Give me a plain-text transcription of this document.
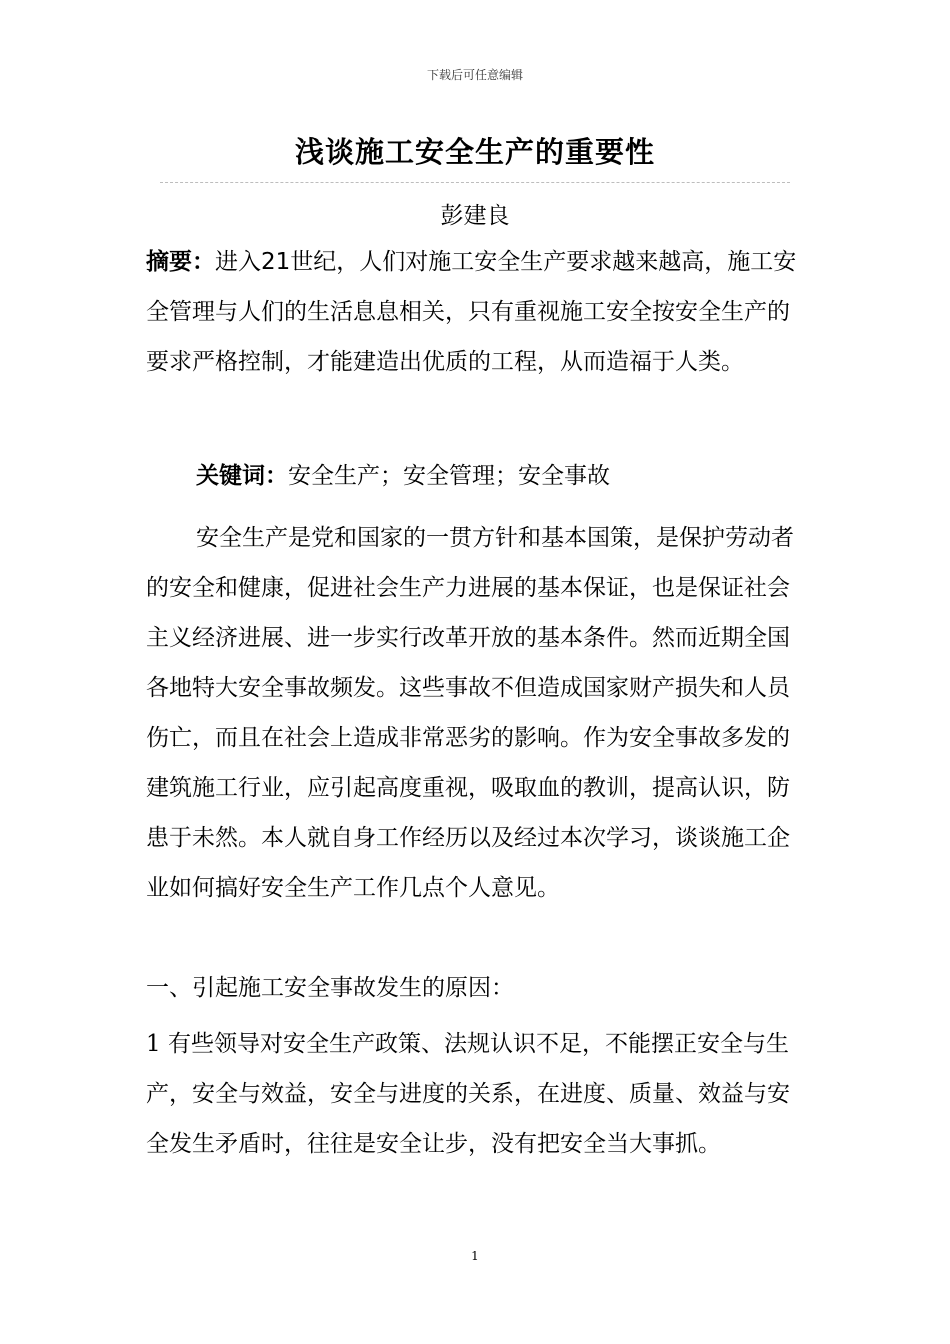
下载后可任意编辑
浅谈施工安全生产的重要性
彭建良
摘要：进入21世纪，人们对施工安全生产要求越来越高，施工安全管理与人们的生活息息相关，只有重视施工安全按安全生产的要求严格控制，才能建造出优质的工程，从而造福于人类。
关键词：安全生产；安全管理；安全事故
安全生产是党和国家的一贯方针和基本国策，是保护劳动者的安全和健康，促进社会生产力进展的基本保证，也是保证社会主义经济进展、进一步实行改革开放的基本条件。然而近期全国各地特大安全事故频发。这些事故不但造成国家财产损失和人员伤亡，而且在社会上造成非常恶劣的影响。作为安全事故多发的建筑施工行业，应引起高度重视，吸取血的教训，提高认识，防患于未然。本人就自身工作经历以及经过本次学习，谈谈施工企业如何搞好安全生产工作几点个人意见。
一、引起施工安全事故发生的原因：
1 有些领导对安全生产政策、法规认识不足，不能摆正安全与生产，安全与效益，安全与进度的关系，在进度、质量、效益与安全发生矛盾时，往往是安全让步，没有把安全当大事抓。
1
